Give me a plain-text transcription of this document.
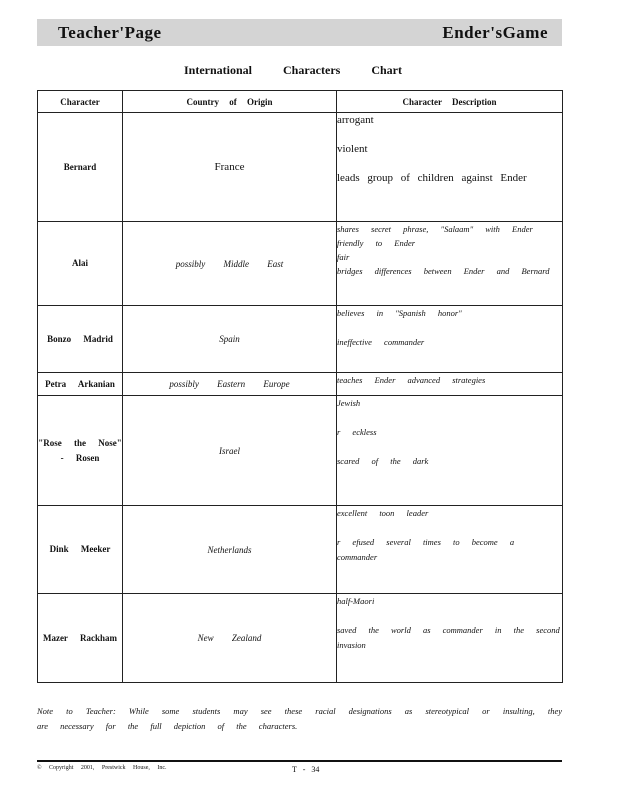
Teacher'Page	Ender'sGame
International Characters Chart
Character	Country of Origin	Character Description
Bernard	France	arrogant
violent
leads group of children against Ender

Alai	possibly Middle East	shares secret phrase, "Salaam" with Ender
friendly to Ender
fair
bridges differences between Ender and Bernard

Bonzo Madrid	Spain	believes in "Spanish honor"
ineffective commander

Petra Arkanian	possibly Eastern Europe	teaches Ender advanced strategies

"Rose the Nose" - Rosen	Israel	Jewish
r eckless
scared of the dark

Dink Meeker	Netherlands	excellent toon leader
r efused several times to become a commander

Mazer Rackham	New Zealand	half-Maori
saved the world as commander in the second invasion
Note to Teacher: While some students may see these racial designations as stereotypical or insulting, they are necessary for the full depiction of the characters.
© Copyright 2001, Prestwick House, Inc.	T - 34
